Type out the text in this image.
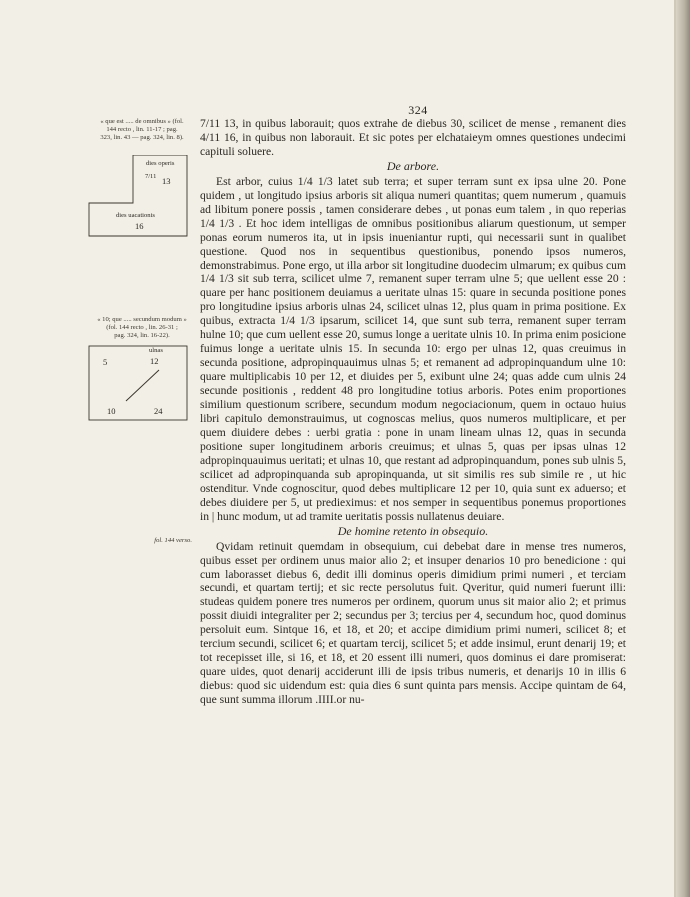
324
« que est ..... de omnibus » (fol.
144 recto , lin. 11-17 ; pag.
323, lin. 43 — pag. 324, lin. 8).
dies operis
7/11 13
dies uacationis
16
« 10; que ..... secundum modum »
(fol. 144 recto , lin. 26-31 ;
pag. 324, lin. 16-22).
ulnas
12
5
10	24
fol. 144 verso.

7/11 13, in quibus laborauit; quos extrahe de diebus 30, scilicet de mense , remanent dies 4/11 16, in quibus non laborauit. Et sic potes per elchataieym omnes questiones undecimi capituli soluere.

De arbore.

Est arbor, cuius 1/4 1/3 latet sub terra; et super terram sunt ex ipsa ulne 20. Pone quidem , ut longitudo ipsius arboris sit aliqua numeri quantitas; quem numerum , quamuis ad libitum ponere possis , tamen considerare debes , ut ponas eum talem , in quo reperias 1/4 1/3 . Et hoc idem intelligas de omnibus positionibus aliarum questionum, ut semper ponas eorum numeros ita, ut in ipsis inueniantur rupti, qui necessarii sunt in qualibet questione. Quod nos in sequentibus questionibus, ponendo ipsos numeros, demonstrabimus. Pone ergo, ut illa arbor sit longitudine duodecim ulmarum; ex quibus cum 1/4 1/3 sit sub terra, scilicet ulme 7, remanent super terram ulne 5; que uellent esse 20 : quare per hanc positionem deuiamus a ueritate ulnas 15: quare in secunda positione pones pro longitudine ipsius arboris ulnas 24, scilicet ulnas 12, plus quam in prima positione. Ex quibus, extracta 1/4 1/3 ipsarum, scilicet 14, que sunt sub terra, remanent super terram hulne 10; que cum uellent esse 20, sumus longe a ueritate ulnis 10. In prima enim posicione fuimus longe a ueritate ulnis 15. In secunda 10: ergo per ulnas 12, quas creuimus in secunda positione, adpropinquauimus ulnas 5; et remanent ad adpropinquandum ulne 10: quare multiplicabis 10 per 12, et diuides per 5, exibunt ulne 24; quas adde cum ulnis 24 secunde positionis , reddent 48 pro longitudine totius arboris. Potes enim proportiones similium questionum scribere, secundum modum negociacionum, quem in octauo huius libri capitulo demonstrauimus, ut cognoscas melius, quos numeros multiplicare, et per quem diuidere debes : uerbi gratia : pone in unam lineam ulnas 12, quas in secunda positione super longitudinem arboris creuimus; et ulnas 5, quas per ipsas ulnas 12 adpropinquauimus ueritati; et ulnas 10, que restant ad adpropinquandum, pones sub ulnis 5, scilicet ad adpropinquanda sub apropinquanda, ut sit similis res sub simile re , ut hic ostenditur. Vnde cognoscitur, quod debes multiplicare 12 per 10, quia sunt ex aduerso; et debes diuidere per 5, ut predieximus: et nos semper in sequentibus ponemus proportiones in | hunc modum, ut ad tramite ueritatis possis nullatenus deuiare.

De homine retento in obsequio.

Qvidam retinuit quemdam in obsequium, cui debebat dare in mense tres numeros, quibus esset per ordinem unus maior alio 2; et insuper denarios 10 pro benedicione : qui cum laborasset diebus 6, dedit illi dominus operis dimidium primi numeri , et terciam secundi, et quartam tertij; et sic recte persolutus fuit. Qveritur, quid numeri fuerunt illi: studeas quidem ponere tres numeros per ordinem, quorum unus sit maior alio 2; et primus possit diuidi integraliter per 2; secundus per 3; tercius per 4, secundum hoc, quod dominus persoluit eum. Sintque 16, et 18, et 20; et accipe dimidium primi numeri, scilicet 8; et tercium secundi, scilicet 6; et quartam tercij, scilicet 5; et adde insimul, erunt denarij 19; et tot recepisset ille, si 16, et 18, et 20 essent illi numeri, quos dominus ei dare promiserat: quare uides, quot denarij acciderunt illi de ipsis tribus numeris, et denarijs 10 in illis 6 diebus: quod sic uidendum est: quia dies 6 sunt quinta pars mensis. Accipe quintam de 64, que sunt summa illorum .IIII.or nu-
